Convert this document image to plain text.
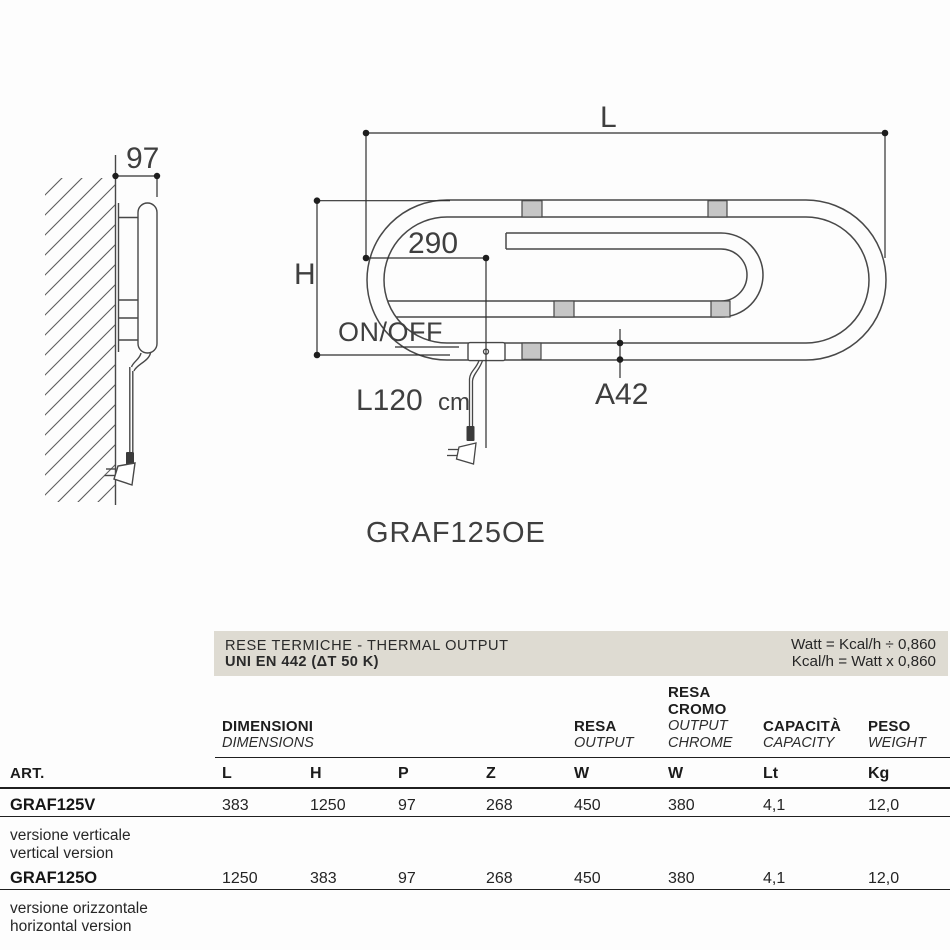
97
L
290
H
ON/OFF
A42
L120 cm
GRAF125OE
RESE TERMICHE - THERMAL OUTPUT
UNI EN 442 (ΔT 50 K)
Watt = Kcal/h ÷ 0,860
Kcal/h = Watt x 0,860
DIMENSIONI
DIMENSIONS
RESA
OUTPUT
RESA CROMO
OUTPUT CHROME
CAPACITÀ
CAPACITY
PESO
WEIGHT
ART.	L	H	P	Z	W	W	Lt	Kg
GRAF125V	383	1250	97	268	450	380	4,1	12,0
versione verticale
vertical version
GRAF125O	1250	383	97	268	450	380	4,1	12,0
versione orizzontale
horizontal version
